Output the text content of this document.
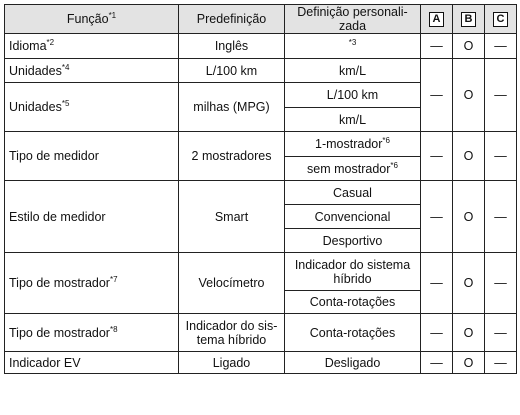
Função$^{*1}$	Predefinição	Definição personali-zada	A	B	C
Idioma$^{*2}$	Inglês	$^{*3}$	—	O	—
Unidades$^{*4}$	L/100 km	km/L	—	O	—
Unidades$^{*5}$	milhas (MPG)	L/100 km			
		km/L			
Tipo de medidor	2 mostradores	1-mostrador$^{*6}$	—	O	—
		sem mostrador$^{*6}$
Estilo de medidor	Smart	Casual	—	O	—
		Convencional			
		Desportivo			
Tipo de mostrador$^{*7}$	Velocímetro	Indicador do sistema híbrido	—	O	—
		Conta-rotações			
Tipo de mostrador$^{*8}$	Indicador do sis-tema híbrido	Conta-rotações	—	O	—
Indicador EV	Ligado	Desligado	—	O	—
